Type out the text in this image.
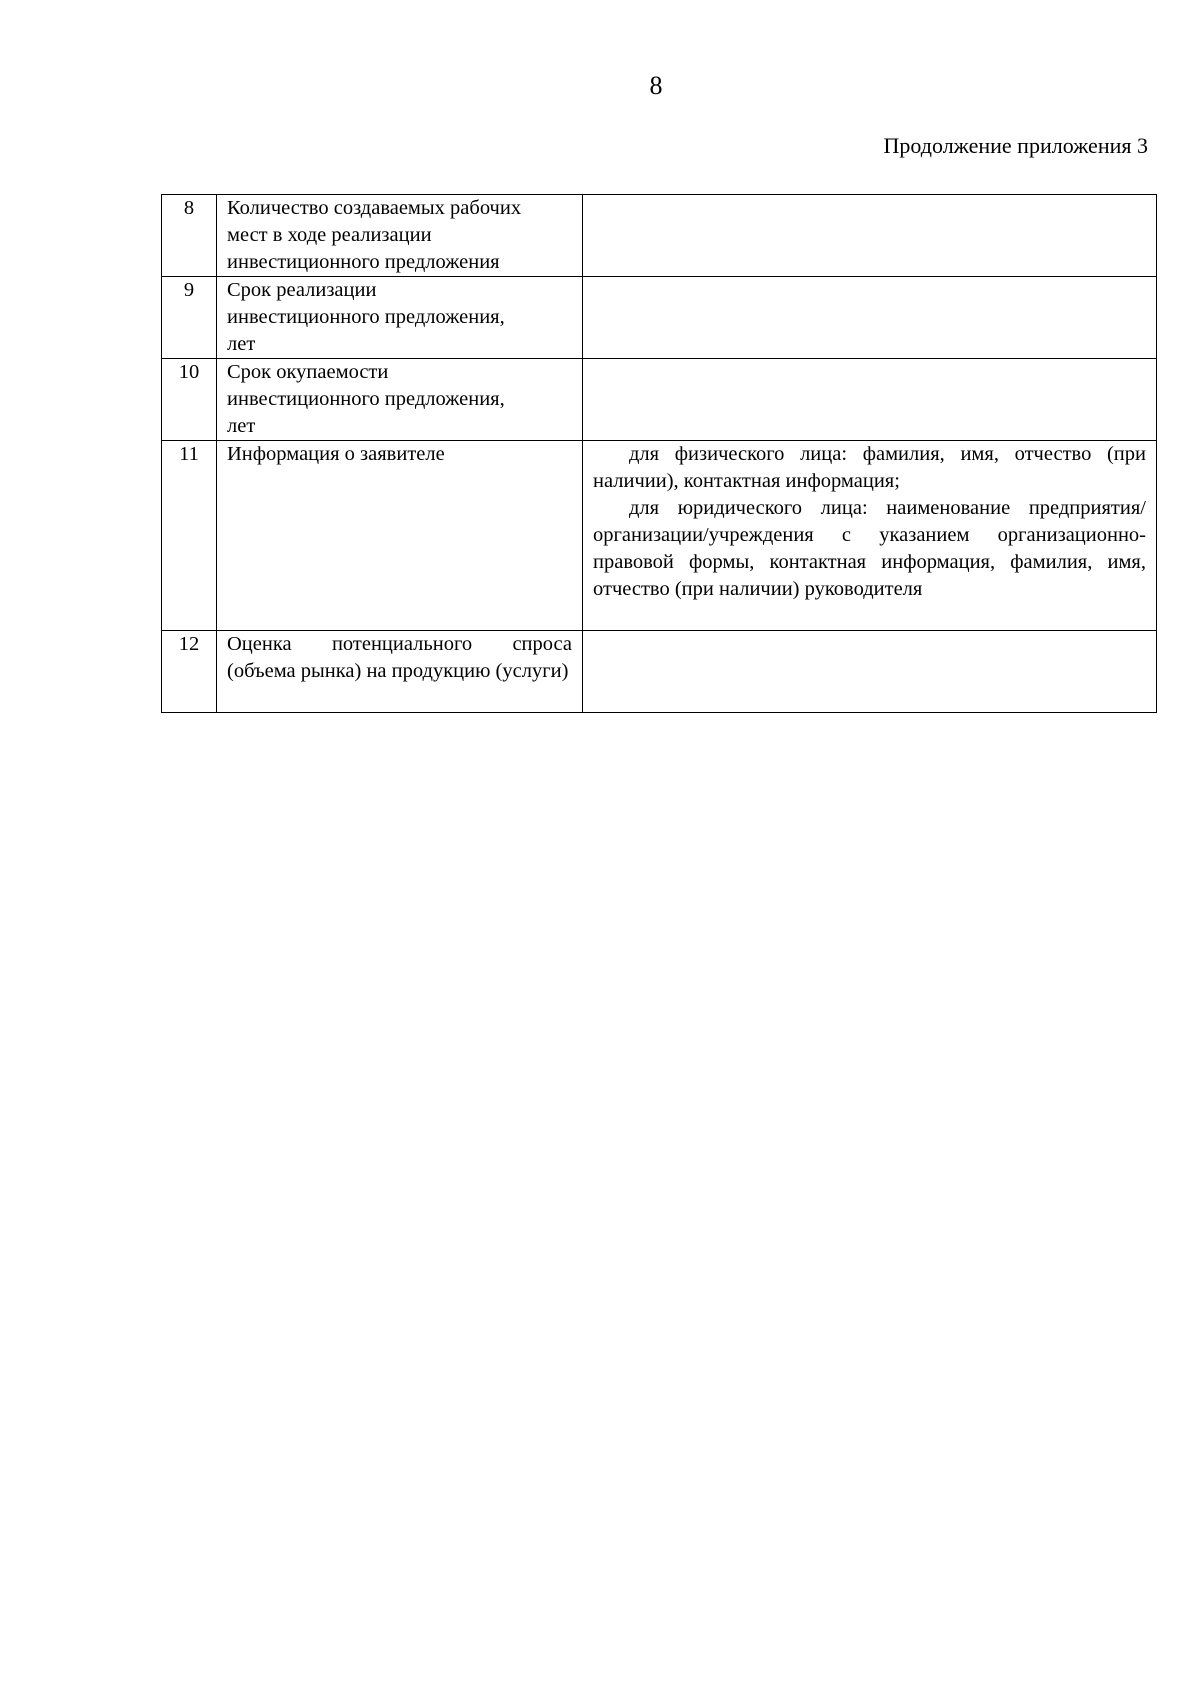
8
Продолжение приложения 3
8	Количество создаваемых рабочих
мест в ходе реализации
инвестиционного предложения	

9	Срок реализации
инвестиционного предложения,
лет	

10	Срок окупаемости
инвестиционного предложения,
лет	

11	Информация о заявителе	для физического лица: фамилия, имя, отчество (при наличии), контактная информация;

для юридического лица: наименование предприятия/организации/учреждения с указанием организационно-правовой формы, контактная информация, фамилия, имя, отчество (при наличии) руководителя

12	Оценка потенциального спроса (объема рынка) на продукцию (услуги)	
